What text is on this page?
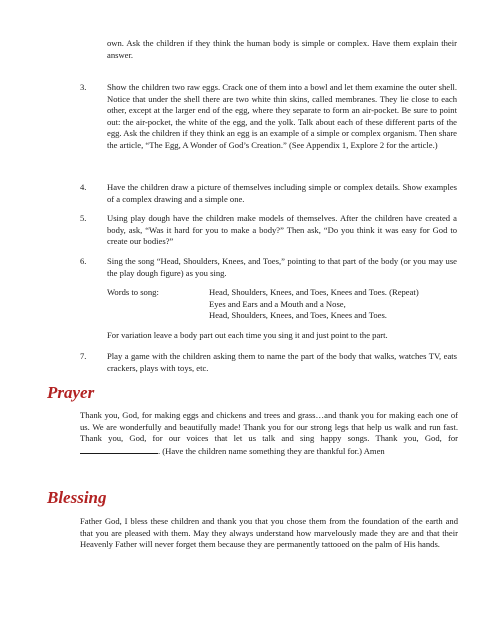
own. Ask the children if they think the human body is simple or complex. Have them explain their answer.
3.	Show the children two raw eggs. Crack one of them into a bowl and let them examine the outer shell. Notice that under the shell there are two white thin skins, called membranes. They lie close to each other, except at the larger end of the egg, where they separate to form an air-pocket. Be sure to point out: the air-pocket, the white of the egg, and the yolk. Talk about each of these different parts of the egg. Ask the children if they think an egg is an example of a simple or complex organism. Then share the article, “The Egg, A Wonder of God’s Creation.” (See Appendix 1, Explore 2 for the article.)
4.	Have the children draw a picture of themselves including simple or complex details. Show examples of a complex drawing and a simple one.
5.	Using play dough have the children make models of themselves. After the children have created a body, ask, “Was it hard for you to make a body?” Then ask, “Do you think it was easy for God to create our bodies?”
6.	Sing the song “Head, Shoulders, Knees, and Toes,” pointing to that part of the body (or you may use the play dough figure) as you sing.
Words to song:	Head, Shoulders, Knees, and Toes, Knees and Toes. (Repeat)
Eyes and Ears and a Mouth and a Nose,
Head, Shoulders, Knees, and Toes, Knees and Toes.
For variation leave a body part out each time you sing it and just point to the part.
7.	Play a game with the children asking them to name the part of the body that walks, watches TV, eats crackers, plays with toys, etc.
Prayer
Thank you, God, for making eggs and chickens and trees and grass…and thank you for making each one of us. We are wonderfully and beautifully made! Thank you for our strong legs that help us walk and run fast. Thank you, God, for our voices that let us talk and sing happy songs. Thank you, God, for. (Have the children name something they are thankful for.) Amen
Blessing
Father God, I bless these children and thank you that you chose them from the foundation of the earth and that you are pleased with them. May they always understand how marvelously made they are and that their Heavenly Father will never forget them because they are permanently tattooed on the palm of His hands.
